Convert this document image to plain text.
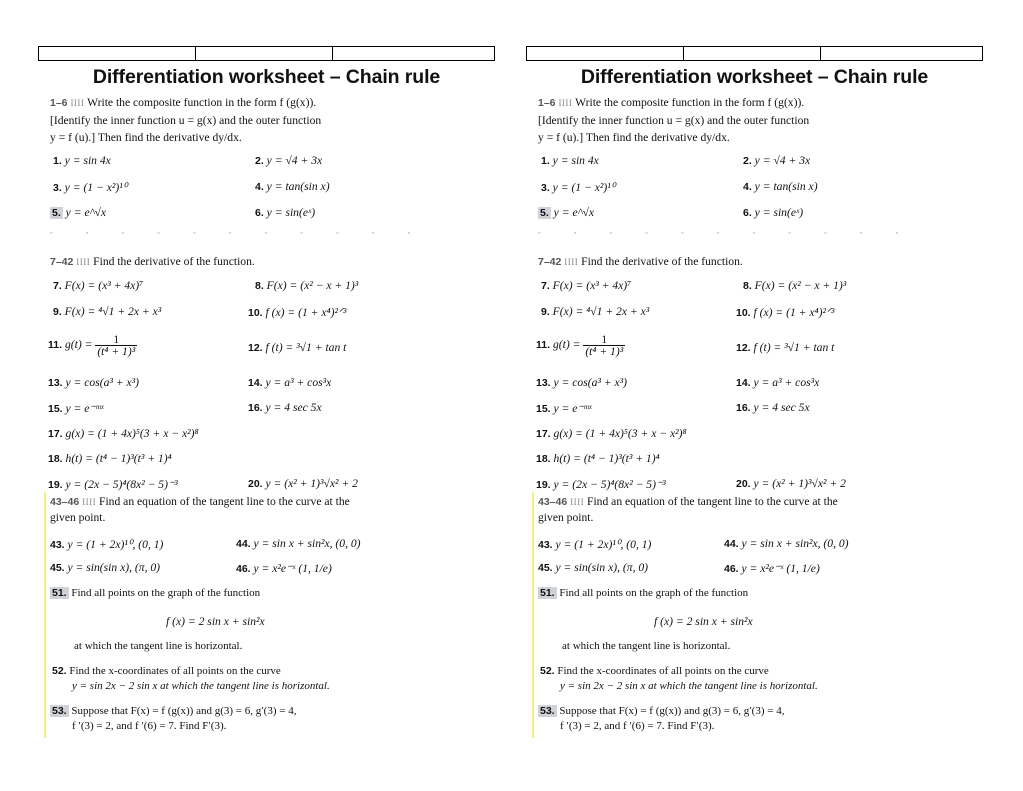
Differentiation worksheet – Chain rule
1–6 IIII Write the composite function in the form f (g(x)).
[Identify the inner function u = g(x) and the outer function
y = f (u).] Then find the derivative dy/dx.
1. y = sin 4x	2. y = √4 + 3x
3. y = (1 − x²)¹⁰	4. y = tan(sin x)
5. y = e^√x	6. y = sin(eˣ)
▫	▫	▫	▫	▫	▫	▫	▫	▫	▫	▫
7–42 IIII Find the derivative of the function.
7. F(x) = (x³ + 4x)⁷	8. F(x) = (x² − x + 1)³
9. F(x) = ⁴√1 + 2x + x³	10. f (x) = (1 + x⁴)²ᐟ³
11. $g(t) = \frac{1}{\text{(t⁴ + 1)³}}$	12. f (t) = ³√1 + tan t
13. y = cos(a³ + x³)	14. y = a³ + cos³x
15. y = e⁻ᵐˣ	16. y = 4 sec 5x
17. g(x) = (1 + 4x)⁵(3 + x − x²)⁸
18. h(t) = (t⁴ − 1)³(t³ + 1)⁴
19. y = (2x − 5)⁴(8x² − 5)⁻³	20. y = (x² + 1)³√x² + 2
43–46 IIII Find an equation of the tangent line to the curve at the
given point.
43. y = (1 + 2x)¹⁰, (0, 1)	44. y = sin x + sin²x, (0, 0)
45. y = sin(sin x), (π, 0)	46. y = x²e⁻ˣ (1, 1/e)
51. Find all points on the graph of the function
f (x) = 2 sin x + sin²x
at which the tangent line is horizontal.
52. Find the x-coordinates of all points on the curve
y = sin 2x − 2 sin x at which the tangent line is horizontal.
53. Suppose that F(x) = f (g(x)) and g(3) = 6, g′(3) = 4,
f ′(3) = 2, and f ′(6) = 7. Find F′(3).
Differentiation worksheet – Chain rule
1–6 IIII Write the composite function in the form f (g(x)).
[Identify the inner function u = g(x) and the outer function
y = f (u).] Then find the derivative dy/dx.
1. y = sin 4x	2. y = √4 + 3x
3. y = (1 − x²)¹⁰	4. y = tan(sin x)
5. y = e^√x	6. y = sin(eˣ)
▫	▫	▫	▫	▫	▫	▫	▫	▫	▫	▫
7–42 IIII Find the derivative of the function.
7. F(x) = (x³ + 4x)⁷	8. F(x) = (x² − x + 1)³
9. F(x) = ⁴√1 + 2x + x³	10. f (x) = (1 + x⁴)²ᐟ³
11. $g(t) = \frac{1}{\text{(t⁴ + 1)³}}$	12. f (t) = ³√1 + tan t
13. y = cos(a³ + x³)	14. y = a³ + cos³x
15. y = e⁻ᵐˣ	16. y = 4 sec 5x
17. g(x) = (1 + 4x)⁵(3 + x − x²)⁸
18. h(t) = (t⁴ − 1)³(t³ + 1)⁴
19. y = (2x − 5)⁴(8x² − 5)⁻³	20. y = (x² + 1)³√x² + 2
43–46 IIII Find an equation of the tangent line to the curve at the
given point.
43. y = (1 + 2x)¹⁰, (0, 1)	44. y = sin x + sin²x, (0, 0)
45. y = sin(sin x), (π, 0)	46. y = x²e⁻ˣ (1, 1/e)
51. Find all points on the graph of the function
f (x) = 2 sin x + sin²x
at which the tangent line is horizontal.
52. Find the x-coordinates of all points on the curve
y = sin 2x − 2 sin x at which the tangent line is horizontal.
53. Suppose that F(x) = f (g(x)) and g(3) = 6, g′(3) = 4,
f ′(3) = 2, and f ′(6) = 7. Find F′(3).
